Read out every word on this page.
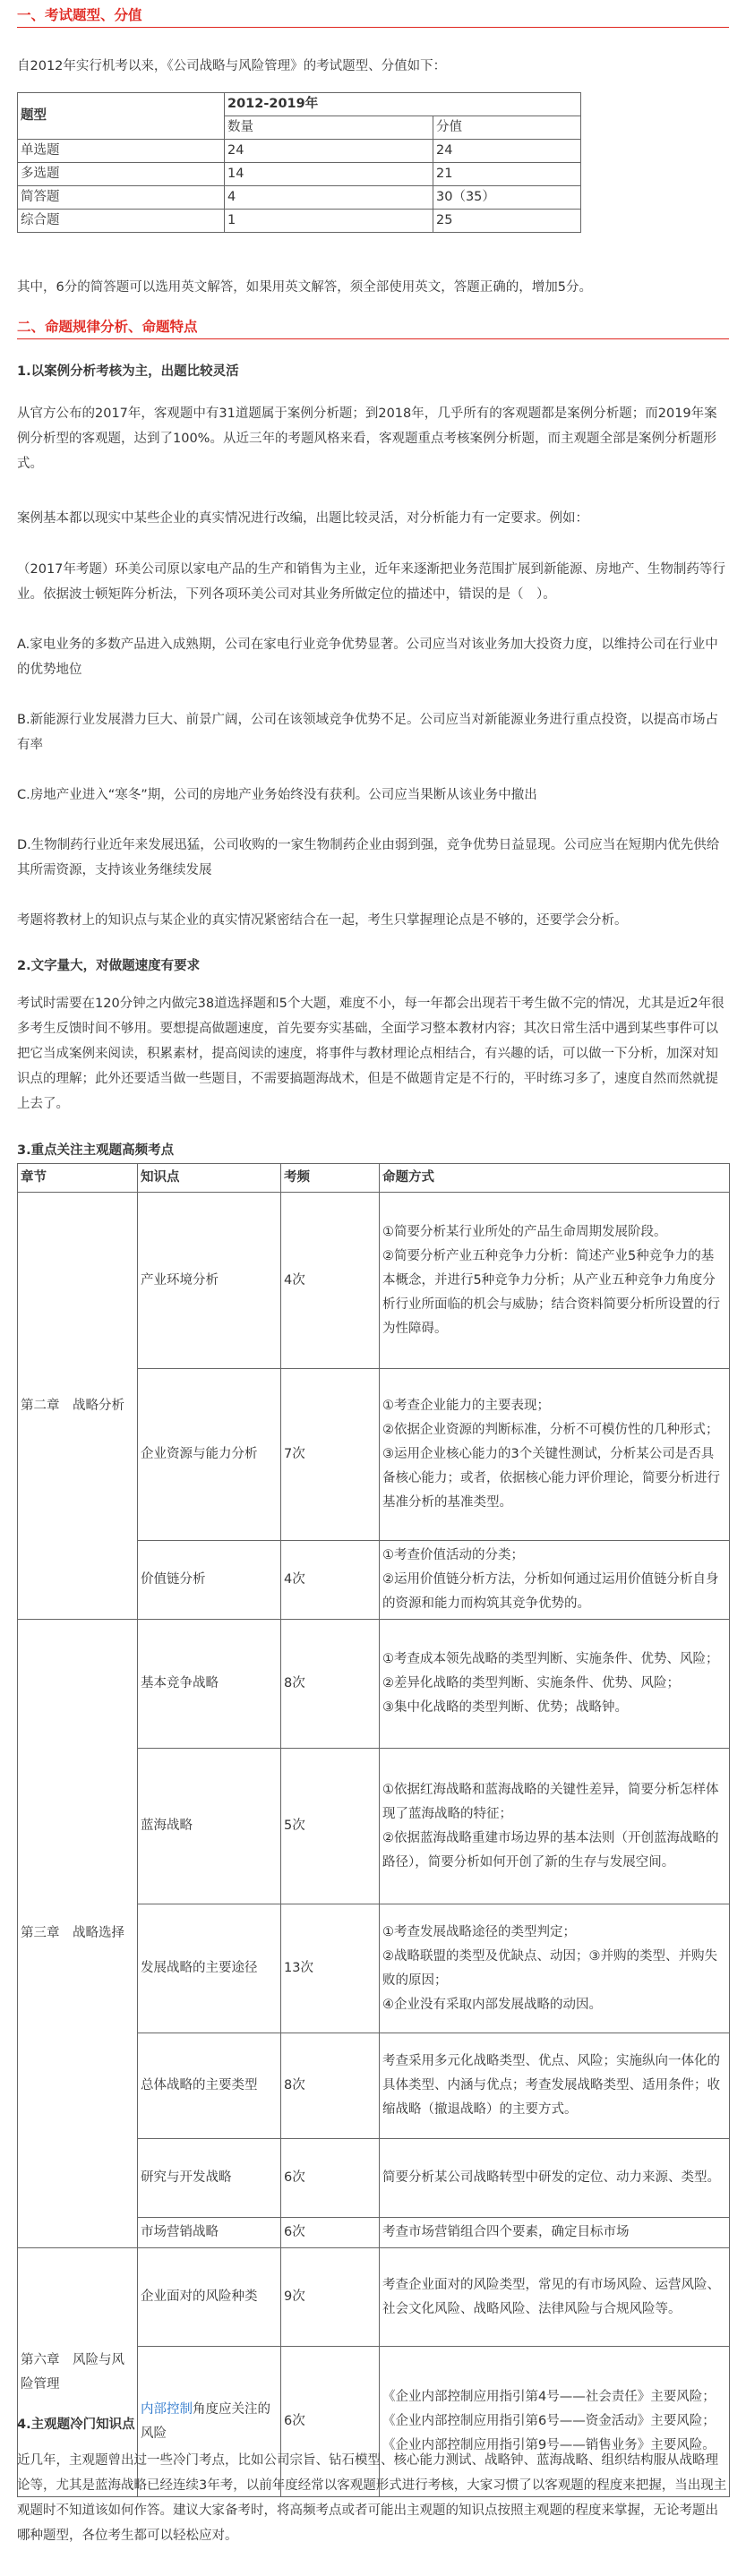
一、考试题型、分值
自2012年实行机考以来，《公司战略与风险管理》的考试题型、分值如下：
题型	2012-2019年	
	数量	分值
单选题	24	24
多选题	14	21
简答题	4	30（35）
综合题	1	25
其中，6分的简答题可以选用英文解答，如果用英文解答，须全部使用英文，答题正确的，增加5分。
二、命题规律分析、命题特点
1.以案例分析考核为主，出题比较灵活
从官方公布的2017年，客观题中有31道题属于案例分析题；到2018年，几乎所有的客观题都是案例分析题；而2019年案例分析型的客观题，达到了100%。从近三年的考题风格来看，客观题重点考核案例分析题，而主观题全部是案例分析题形式。
案例基本都以现实中某些企业的真实情况进行改编，出题比较灵活，对分析能力有一定要求。例如：
（2017年考题）环美公司原以家电产品的生产和销售为主业，近年来逐渐把业务范围扩展到新能源、房地产、生物制药等行业。依据波士顿矩阵分析法，下列各项环美公司对其业务所做定位的描述中，错误的是（　）。
A.家电业务的多数产品进入成熟期，公司在家电行业竞争优势显著。公司应当对该业务加大投资力度，以维持公司在行业中的优势地位
B.新能源行业发展潜力巨大、前景广阔，公司在该领域竞争优势不足。公司应当对新能源业务进行重点投资，以提高市场占有率
C.房地产业进入“寒冬”期，公司的房地产业务始终没有获利。公司应当果断从该业务中撤出
D.生物制药行业近年来发展迅猛，公司收购的一家生物制药企业由弱到强，竞争优势日益显现。公司应当在短期内优先供给其所需资源，支持该业务继续发展
考题将教材上的知识点与某企业的真实情况紧密结合在一起，考生只掌握理论点是不够的，还要学会分析。
2.文字量大，对做题速度有要求
考试时需要在120分钟之内做完38道选择题和5个大题，难度不小，每一年都会出现若干考生做不完的情况，尤其是近2年很多考生反馈时间不够用。要想提高做题速度，首先要夯实基础，全面学习整本教材内容；其次日常生活中遇到某些事件可以把它当成案例来阅读，积累素材，提高阅读的速度，将事件与教材理论点相结合，有兴趣的话，可以做一下分析，加深对知识点的理解；此外还要适当做一些题目，不需要搞题海战术，但是不做题肯定是不行的，平时练习多了，速度自然而然就提上去了。
3.重点关注主观题高频考点
章节	知识点	考频	命题方式
第二章　战略分析	产业环境分析	4次	①简要分析某行业所处的产品生命周期发展阶段。
②简要分析产业五种竞争力分析：简述产业5种竞争力的基本概念，并进行5种竞争力分析；从产业五种竞争力角度分析行业所面临的机会与威胁；结合资料简要分析所设置的行为性障碍。

	企业资源与能力分析	7次	①考查企业能力的主要表现；
②依据企业资源的判断标准，分析不可模仿性的几种形式；
③运用企业核心能力的3个关键性测试，分析某公司是否具备核心能力；或者，依据核心能力评价理论，简要分析进行基准分析的基准类型。

	价值链分析	4次	①考查价值活动的分类；
②运用价值链分析方法，分析如何通过运用价值链分析自身的资源和能力而构筑其竞争优势的。

第三章　战略选择	基本竞争战略	8次	①考查成本领先战略的类型判断、实施条件、优势、风险；
②差异化战略的类型判断、实施条件、优势、风险；
③集中化战略的类型判断、优势；战略钟。

	蓝海战略	5次	①依据红海战略和蓝海战略的关键性差异，简要分析怎样体现了蓝海战略的特征；
②依据蓝海战略重建市场边界的基本法则（开创蓝海战略的路径），简要分析如何开创了新的生存与发展空间。

	发展战略的主要途径	13次	①考查发展战略途径的类型判定；
②战略联盟的类型及优缺点、动因；③并购的类型、并购失败的原因；
④企业没有采取内部发展战略的动因。

	总体战略的主要类型	8次	考查采用多元化战略类型、优点、风险；实施纵向一体化的具体类型、内涵与优点；考查发展战略类型、适用条件；收缩战略（撤退战略）的主要方式。

	研究与开发战略	6次	简要分析某公司战略转型中研发的定位、动力来源、类型。

	市场营销战略	6次	考查市场营销组合四个要素，确定目标市场

第六章　风险与风险管理	企业面对的风险种类	9次	考查企业面对的风险类型，常见的有市场风险、运营风险、社会文化风险、战略风险、法律风险与合规风险等。

	内部控制角度应关注的风险	6次	《企业内部控制应用指引第4号——社会责任》主要风险；
《企业内部控制应用指引第6号——资金活动》主要风险；
《企业内部控制应用指引第9号——销售业务》主要风险。
4.主观题冷门知识点
近几年，主观题曾出过一些冷门考点，比如公司宗旨、钻石模型、核心能力测试、战略钟、蓝海战略、组织结构服从战略理论等，尤其是蓝海战略已经连续3年考，以前年度经常以客观题形式进行考核，大家习惯了以客观题的程度来把握，当出现主观题时不知道该如何作答。建议大家备考时，将高频考点或者可能出主观题的知识点按照主观题的程度来掌握，无论考题出哪种题型，各位考生都可以轻松应对。
